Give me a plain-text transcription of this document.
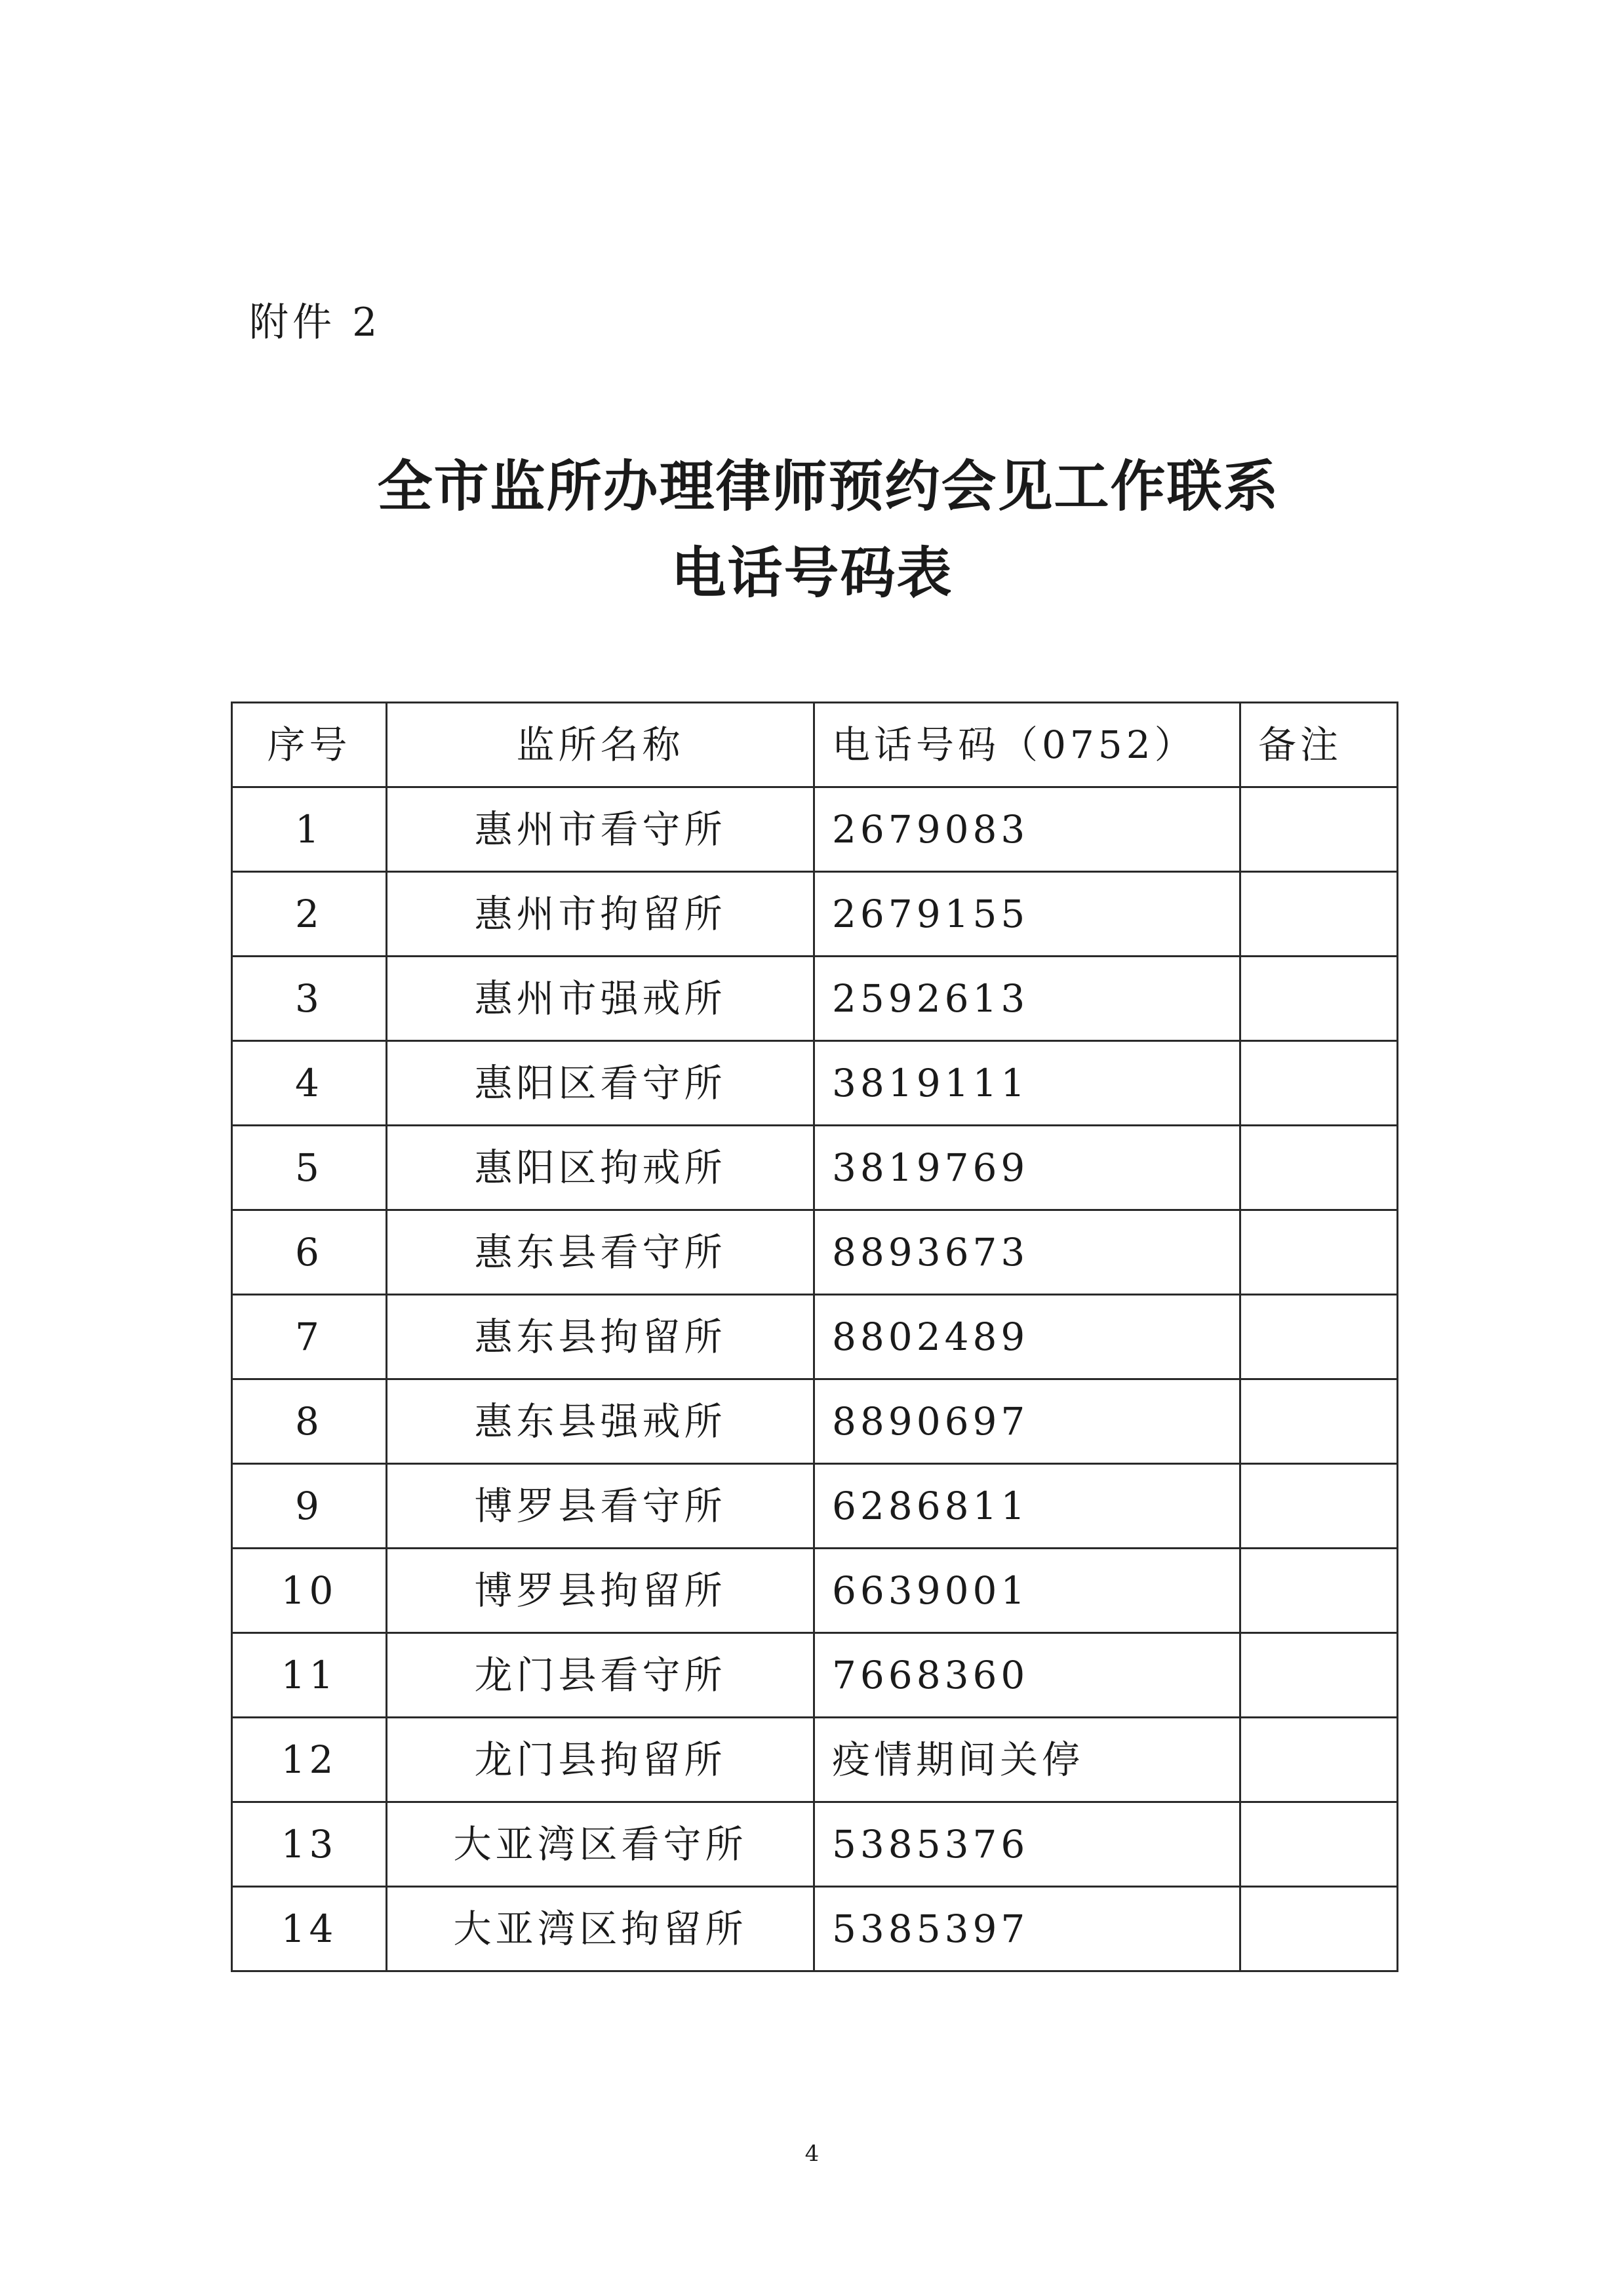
附件 2
全市监所办理律师预约会见工作联系
电话号码表
序号	监所名称	电话号码（0752）	备注
1	惠州市看守所	2679083	
2	惠州市拘留所	2679155	
3	惠州市强戒所	2592613	
4	惠阳区看守所	3819111	
5	惠阳区拘戒所	3819769	
6	惠东县看守所	8893673	
7	惠东县拘留所	8802489	
8	惠东县强戒所	8890697	
9	博罗县看守所	6286811	
10	博罗县拘留所	6639001	
11	龙门县看守所	7668360	
12	龙门县拘留所	疫情期间关停	
13	大亚湾区看守所	5385376	
14	大亚湾区拘留所	5385397	
4
